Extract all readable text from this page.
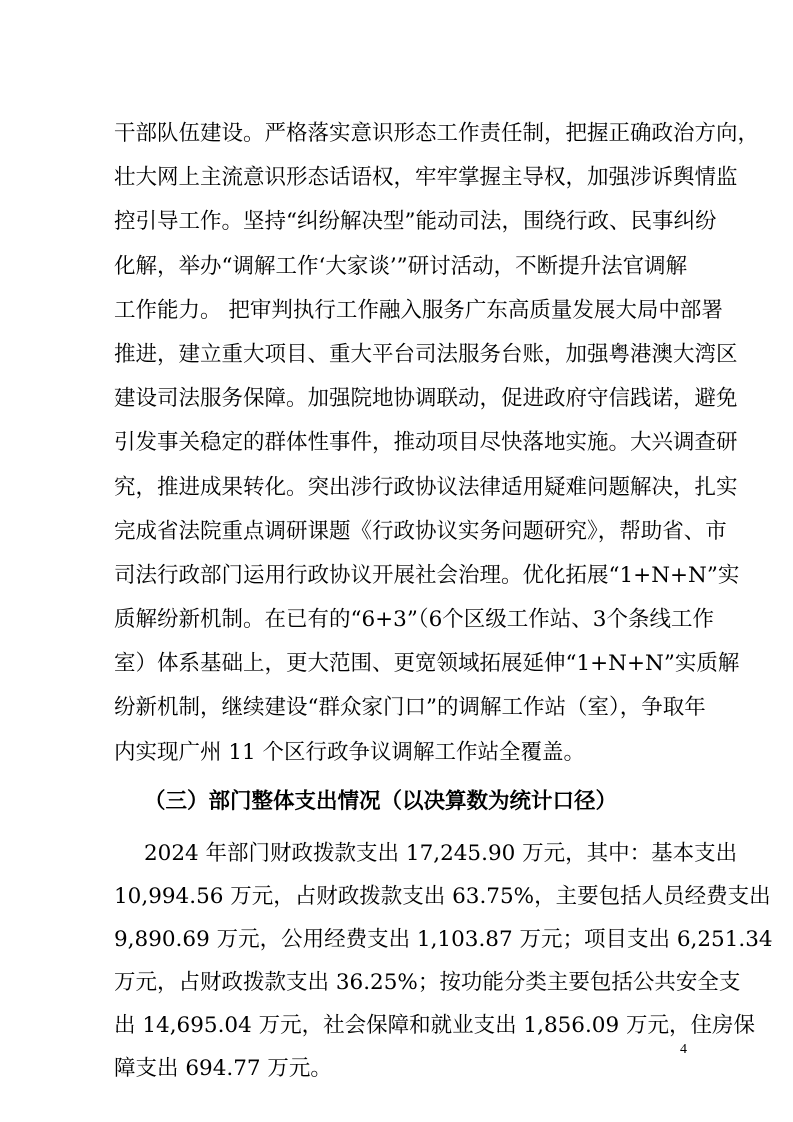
干部队伍建设。严格落实意识形态工作责任制，把握正确政治方向，
壮大网上主流意识形态话语权，牢牢掌握主导权，加强涉诉舆情监
控引导工作。坚持“纠纷解决型”能动司法，围绕行政、民事纠纷
化解，举办“调解工作‘大家谈’”研讨活动，不断提升法官调解
工作能力。 把审判执行工作融入服务广东高质量发展大局中部署
推进，建立重大项目、重大平台司法服务台账，加强粤港澳大湾区
建设司法服务保障。加强院地协调联动，促进政府守信践诺，避免
引发事关稳定的群体性事件，推动项目尽快落地实施。大兴调查研
究，推进成果转化。突出涉行政协议法律适用疑难问题解决，扎实
完成省法院重点调研课题《行政协议实务问题研究》，帮助省、市
司法行政部门运用行政协议开展社会治理。优化拓展“1+N+N”实
质解纷新机制。在已有的“6+3”（6个区级工作站、3个条线工作
室）体系基础上，更大范围、更宽领域拓展延伸“1+N+N”实质解
纷新机制，继续建设“群众家门口”的调解工作站（室），争取年
内实现广州 11 个区行政争议调解工作站全覆盖。
（三）部门整体支出情况（以决算数为统计口径）
2024 年部门财政拨款支出 17,245.90 万元，其中：基本支出
10,994.56 万元，占财政拨款支出 63.75%，主要包括人员经费支出
9,890.69 万元，公用经费支出 1,103.87 万元；项目支出 6,251.34
万元，占财政拨款支出 36.25%；按功能分类主要包括公共安全支
出 14,695.04 万元，社会保障和就业支出 1,856.09 万元，住房保
障支出 694.77 万元。
4
